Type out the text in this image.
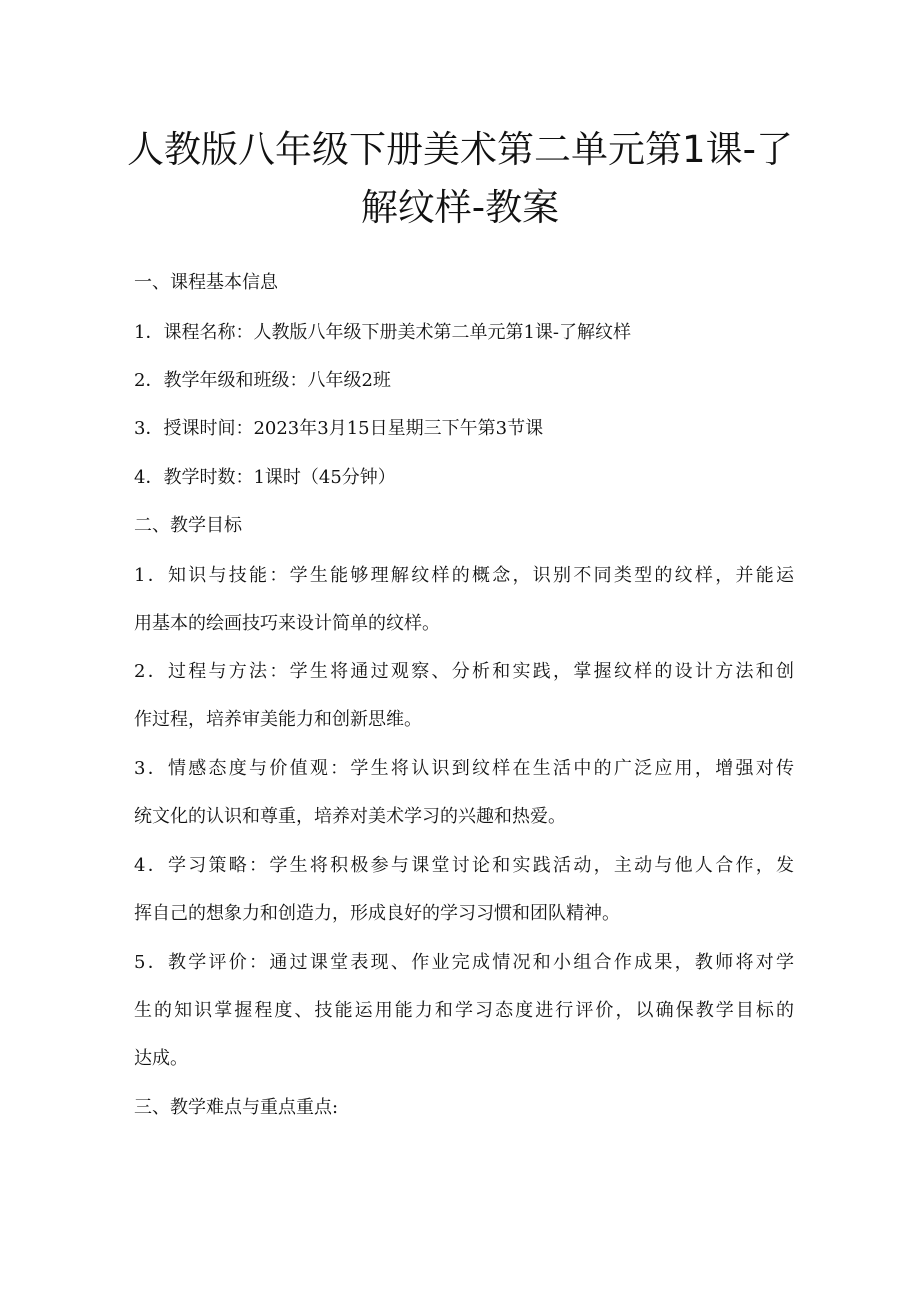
人教版八年级下册美术第二单元第1课-了
解纹样-教案
一、课程基本信息
1．课程名称：人教版八年级下册美术第二单元第1课-了解纹样
2．教学年级和班级：八年级2班
3．授课时间：2023年3月15日星期三下午第3节课
4．教学时数：1课时（45分钟）
二、教学目标
1．知识与技能：学生能够理解纹样的概念，识别不同类型的纹样，并能运
用基本的绘画技巧来设计简单的纹样。
2．过程与方法：学生将通过观察、分析和实践，掌握纹样的设计方法和创
作过程，培养审美能力和创新思维。
3．情感态度与价值观：学生将认识到纹样在生活中的广泛应用，增强对传
统文化的认识和尊重，培养对美术学习的兴趣和热爱。
4．学习策略：学生将积极参与课堂讨论和实践活动，主动与他人合作，发
挥自己的想象力和创造力，形成良好的学习习惯和团队精神。
5．教学评价：通过课堂表现、作业完成情况和小组合作成果，教师将对学
生的知识掌握程度、技能运用能力和学习态度进行评价，以确保教学目标的
达成。
三、教学难点与重点重点:
